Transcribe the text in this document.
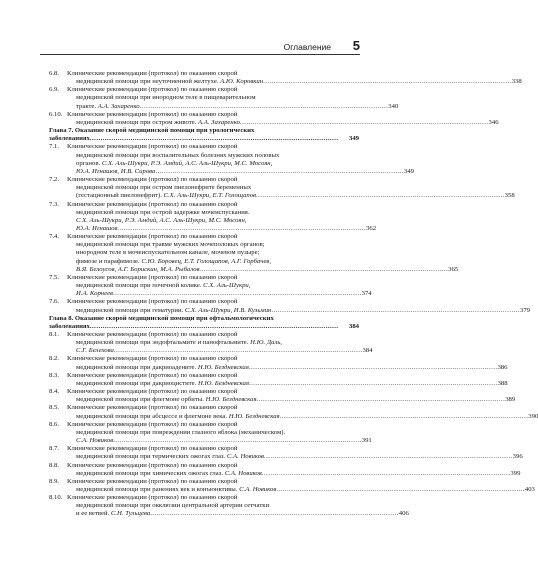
Оглавление 5
6.8.	Клинические рекомендации (протокол) по оказанию скорой
медицинской помощи при неуточненной желтухе. А.Ю. Коровкин . . .	338
6.9.	Клинические рекомендации (протокол) по оказанию скорой
медицинской помощи при инородном теле в пищеварительном
тракте. А.А. Захаренко . . .	340
6.10. Клинические рекомендации (протокол) по оказанию скорой
медицинской помощи при остром животе. А.А. Захаренко . . .	346
Глава 7. Оказание скорой медицинской помощи при урологических
заболеваниях . . .	349
7.1.	Клинические рекомендации (протокол) по оказанию скорой
медицинской помощи при воспалительных болезнях мужских половых
органов. С.Х. Аль-Шукри, Р.Э. Амдий, А.С. Аль-Шукри, М.С. Мосоян,
Ю.А. Игнашов, И.В. Сирова . . .	349
7.2.	Клинические рекомендации (протокол) по оказанию скорой
медицинской помощи при остром пиелонефрите беременных
(гестационный пиелонефрит). С.Х. Аль-Шукри, Е.Т. Голощапов . . .	358
7.3.	Клинические рекомендации (протокол) по оказанию скорой
медицинской помощи при острой задержке мочеиспускания.
С.Х. Аль-Шукри, Р.Э. Амдий, А.С. Аль-Шукри, М.С. Мосоян,
Ю.А. Игнашов . . .	362
7.4.	Клинические рекомендации (протокол) по оказанию скорой
медицинской помощи при травме мужских мочеполовых органов;
инородном теле в мочеиспускательном канале, мочевом пузыре;
фимозе и парафимозе. С.Ю. Боровец, Е.Т. Голощапов, А.Г. Горбачев,
В.Я. Белоусов, А.Г. Борискин, М.А. Рыбалов . . .	365
7.5.	Клинические рекомендации (протокол) по оказанию скорой
медицинской помощи при почечной колике. С.Х. Аль-Шукри,
И.А. Корнеев . . .	374
7.6.	Клинические рекомендации (протокол) по оказанию скорой
медицинской помощи при гематурии. С.Х. Аль-Шукри, И.В. Кузьмин . . .	379
Глава 8. Оказание скорой медицинской помощи при офтальмологических
заболеваниях . . .	384
8.1.	Клинические рекомендации (протокол) по оказанию скорой
медицинской помощи при эндофтальмите и панофтальмите. Н.Ю. Даль,
С.Г. Белехова . . .	384
8.2.	Клинические рекомендации (протокол) по оказанию скорой
медицинской помощи при дакриоадените. Н.Ю. Бездневская . . .	386
8.3.	Клинические рекомендации (протокол) по оказанию скорой
медицинской помощи при дакриоцистите. Н.Ю. Бездневская . . .	388
8.4.	Клинические рекомендации (протокол) по оказанию скорой
медицинской помощи при флегмоне орбиты. Н.Ю. Бездневская . . .	389
8.5.	Клинические рекомендации (протокол) по оказанию скорой
медицинской помощи при абсцессе и флегмоне века. Н.Ю. Бездневская . . .	390
8.6.	Клинические рекомендации (протокол) по оказанию скорой
медицинской помощи при повреждении глазного яблока (механическом).
С.А. Новиков . . .	391
8.7.	Клинические рекомендации (протокол) по оказанию скорой
медицинской помощи при термических ожогах глаз. С.А. Новиков . . .	396
8.8.	Клинические рекомендации (протокол) по оказанию скорой
медицинской помощи при химических ожогах глаз. С.А. Новиков . . .	399
8.9.	Клинические рекомендации (протокол) по оказанию скорой
медицинской помощи при ранениях век и конъюнктивы. С.А. Новиков . . .	403
8.10. Клинические рекомендации (протокол) по оказанию скорой
медицинской помощи при окклюзии центральной артерии сетчатки
и ее ветвей. С.Н. Тульцева . . .	406
